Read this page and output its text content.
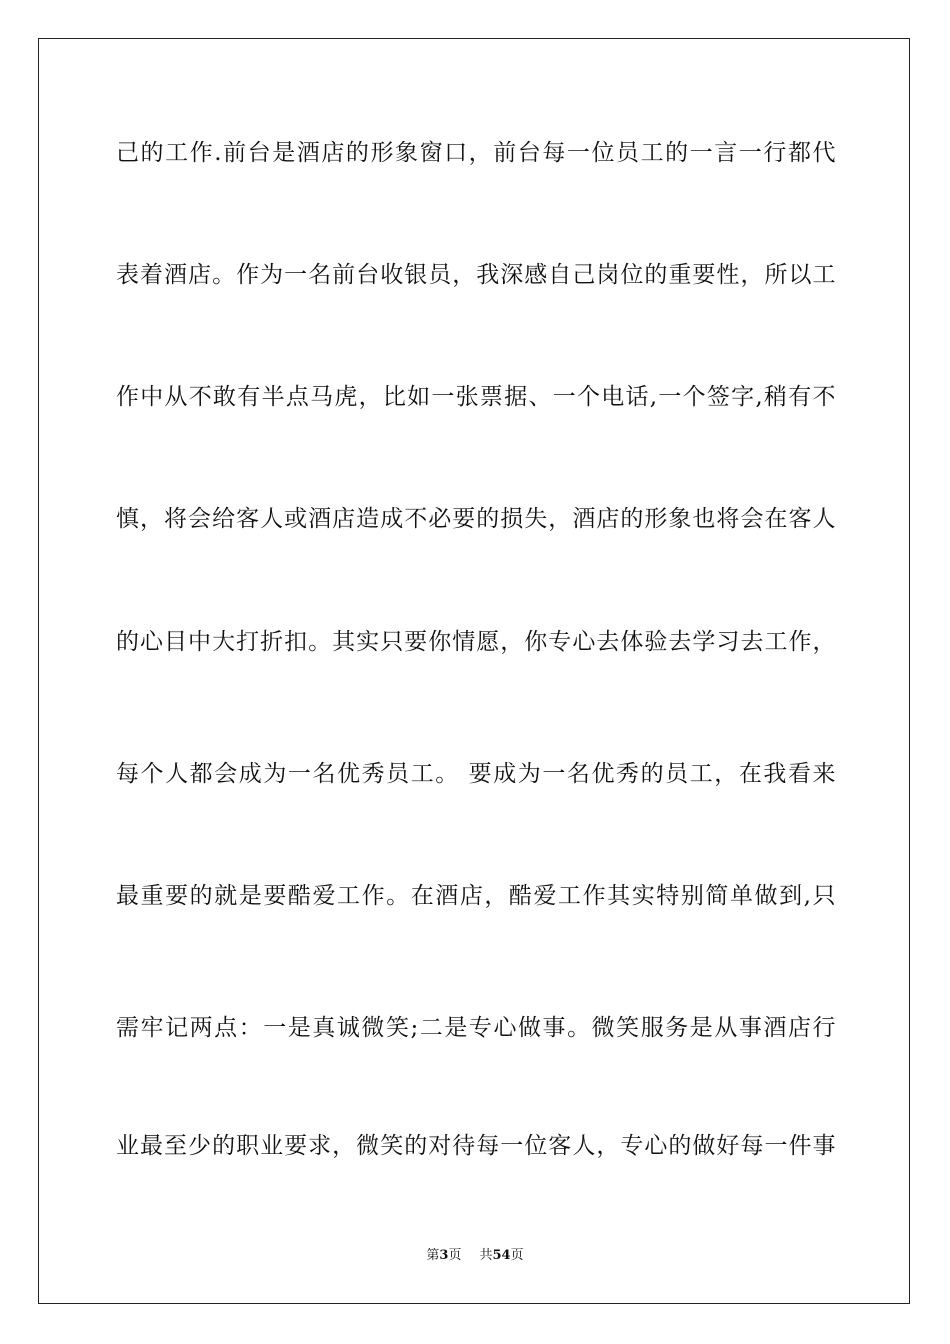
己的工作.前台是酒店的形象窗口，前台每一位员工的一言一行都代
表着酒店。作为一名前台收银员，我深感自己岗位的重要性，所以工
作中从不敢有半点马虎，比如一张票据、一个电话,一个签字,稍有不
慎，将会给客人或酒店造成不必要的损失，酒店的形象也将会在客人
的心目中大打折扣。其实只要你情愿，你专心去体验去学习去工作，
每个人都会成为一名优秀员工。 要成为一名优秀的员工，在我看来
最重要的就是要酷爱工作。在酒店，酷爱工作其实特别简单做到,只
需牢记两点：一是真诚微笑;二是专心做事。微笑服务是从事酒店行
业最至少的职业要求，微笑的对待每一位客人，专心的做好每一件事
第3页 共54页
